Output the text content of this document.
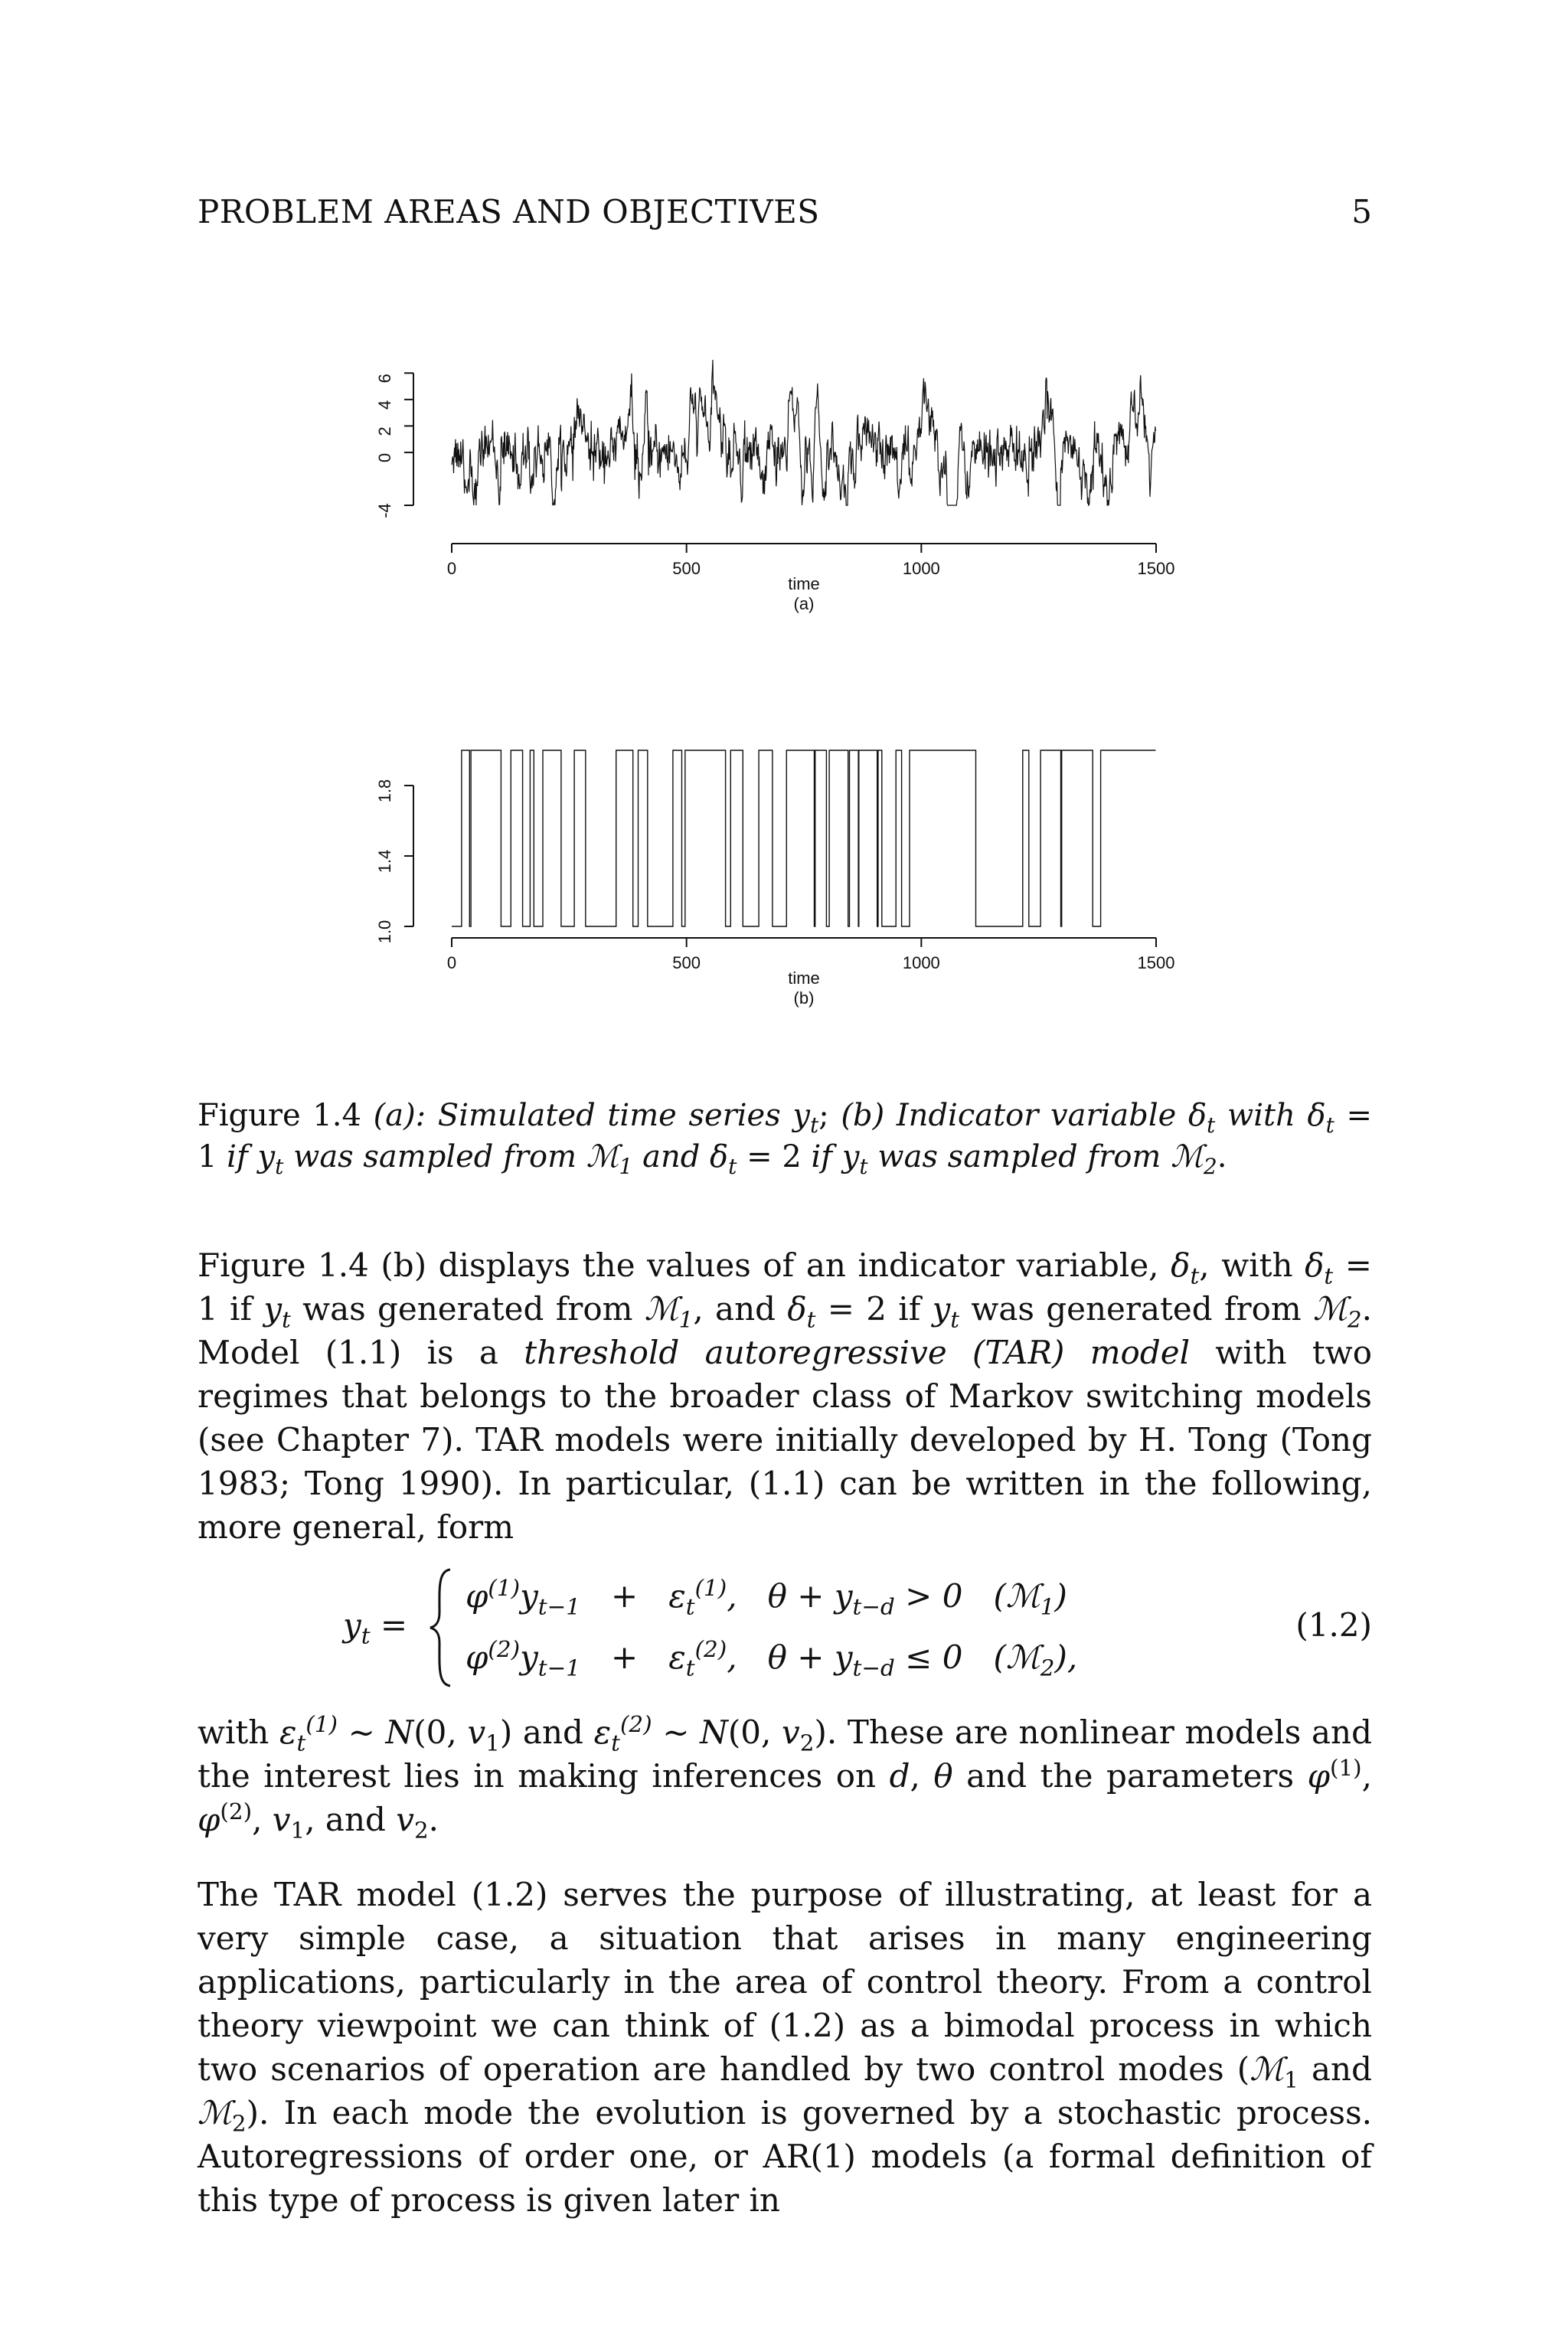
PROBLEM AREAS AND OBJECTIVES	5
-4
0
2
4
6
0	500	1000	1500
time
(a)
1.0
1.4
1.8
0	500	1000	1500
time
(b)
Figure 1.4 (a): Simulated time series $y_t$; (b) Indicator variable $\delta_t$ with $\delta_t = 1$ if $y_t$ was sampled from ℳ$_1$ and $\delta_t = 2$ if $y_t$ was sampled from ℳ$_2$.
Figure 1.4 (b) displays the values of an indicator variable, $\delta_t$, with $\delta_t = 1$ if $y_t$ was generated from ℳ$_1$, and $\delta_t = 2$ if $y_t$ was generated from ℳ$_2$. Model (1.1) is a threshold autoregressive (TAR) model with two regimes that belongs to the broader class of Markov switching models (see Chapter 7). TAR models were initially developed by H. Tong (Tong 1983; Tong 1990). In particular, (1.1) can be written in the following, more general, form
$y_t$ =
$\varphi^{(1)}y_{t-1} + \varepsilon_t^{(1)}$,   $\theta + y_{t-d} > 0$   (ℳ$_1$)
$\varphi^{(2)}y_{t-1} + \varepsilon_t^{(2)}$,   $\theta + y_{t-d} \le 0$   (ℳ$_2$),
(1.2)
with $\varepsilon_t^{(1)}$ ∼ N(0, $v_1$) and $\varepsilon_t^{(2)}$ ∼ N(0, $v_2$). These are nonlinear models and the interest lies in making inferences on d, θ and the parameters $\varphi^{(1)}$, $\varphi^{(2)}$, $v_1$, and $v_2$.
The TAR model (1.2) serves the purpose of illustrating, at least for a very simple case, a situation that arises in many engineering applications, particularly in the area of control theory. From a control theory viewpoint we can think of (1.2) as a bimodal process in which two scenarios of operation are handled by two control modes (ℳ$_1$ and ℳ$_2$). In each mode the evolution is governed by a stochastic process. Autoregressions of order one, or AR(1) models (a formal definition of this type of process is given later in
